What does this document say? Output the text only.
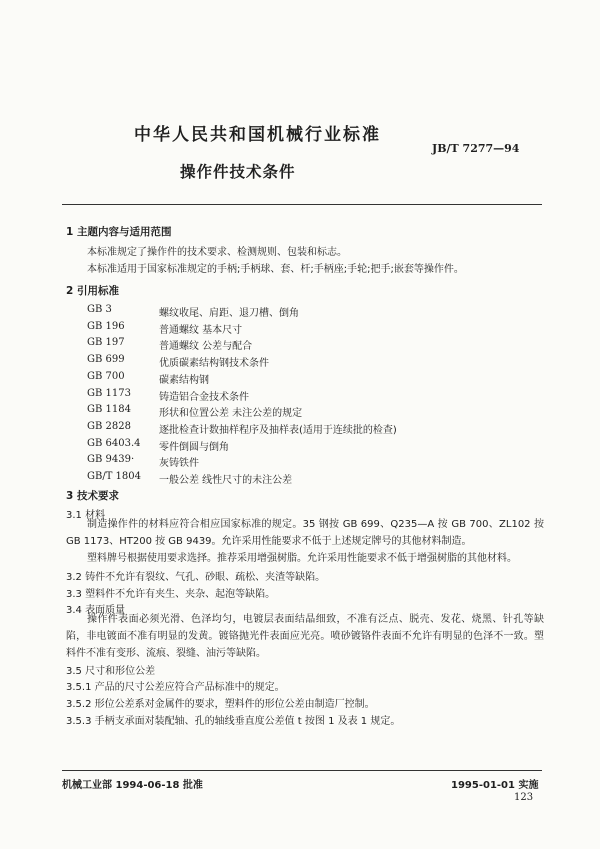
中华人民共和国机械行业标准
JB/T 7277—94
操作件技术条件
1 主题内容与适用范围
本标准规定了操作件的技术要求、检测规则、包装和标志。
本标准适用于国家标准规定的手柄;手柄球、套、杆;手柄座;手轮;把手;嵌套等操作件。
2 引用标准
GB 3	螺纹收尾、肩距、退刀槽、倒角
GB 196	普通螺纹 基本尺寸
GB 197	普通螺纹 公差与配合
GB 699	优质碳素结构钢技术条件
GB 700	碳素结构钢
GB 1173	铸造铝合金技术条件
GB 1184	形状和位置公差 未注公差的规定
GB 2828	逐批检查计数抽样程序及抽样表(适用于连续批的检查)
GB 6403.4 零件倒圆与倒角
GB 9439· 灰铸铁件
GB/T 1804 一般公差 线性尺寸的未注公差
3 技术要求
3.1 材料
制造操作件的材料应符合相应国家标准的规定。35 钢按 GB 699、Q235—A 按 GB 700、ZL102 按 GB 1173、HT200 按 GB 9439。允许采用性能要求不低于上述规定牌号的其他材料制造。
塑料牌号根据使用要求选择。推荐采用增强树脂。允许采用性能要求不低于增强树脂的其他材料。
3.2 铸件不允许有裂纹、气孔、砂眼、疏松、夹渣等缺陷。
3.3 塑料件不允许有夹生、夹杂、起泡等缺陷。
3.4 表面质量
操作件表面必须光滑、色泽均匀，电镀层表面结晶细致，不准有泛点、脱壳、发花、烧黑、针孔等缺陷，非电镀面不准有明显的发黄。镀铬抛光件表面应光亮。喷砂镀铬件表面不允许有明显的色泽不一致。塑料件不准有变形、流痕、裂缝、油污等缺陷。
3.5 尺寸和形位公差
3.5.1 产品的尺寸公差应符合产品标准中的规定。
3.5.2 形位公差系对金属件的要求，塑料件的形位公差由制造厂控制。
3.5.3 手柄支承面对装配轴、孔的轴线垂直度公差值 t 按图 1 及表 1 规定。
机械工业部 1994-06-18 批准	1995-01-01 实施
123
